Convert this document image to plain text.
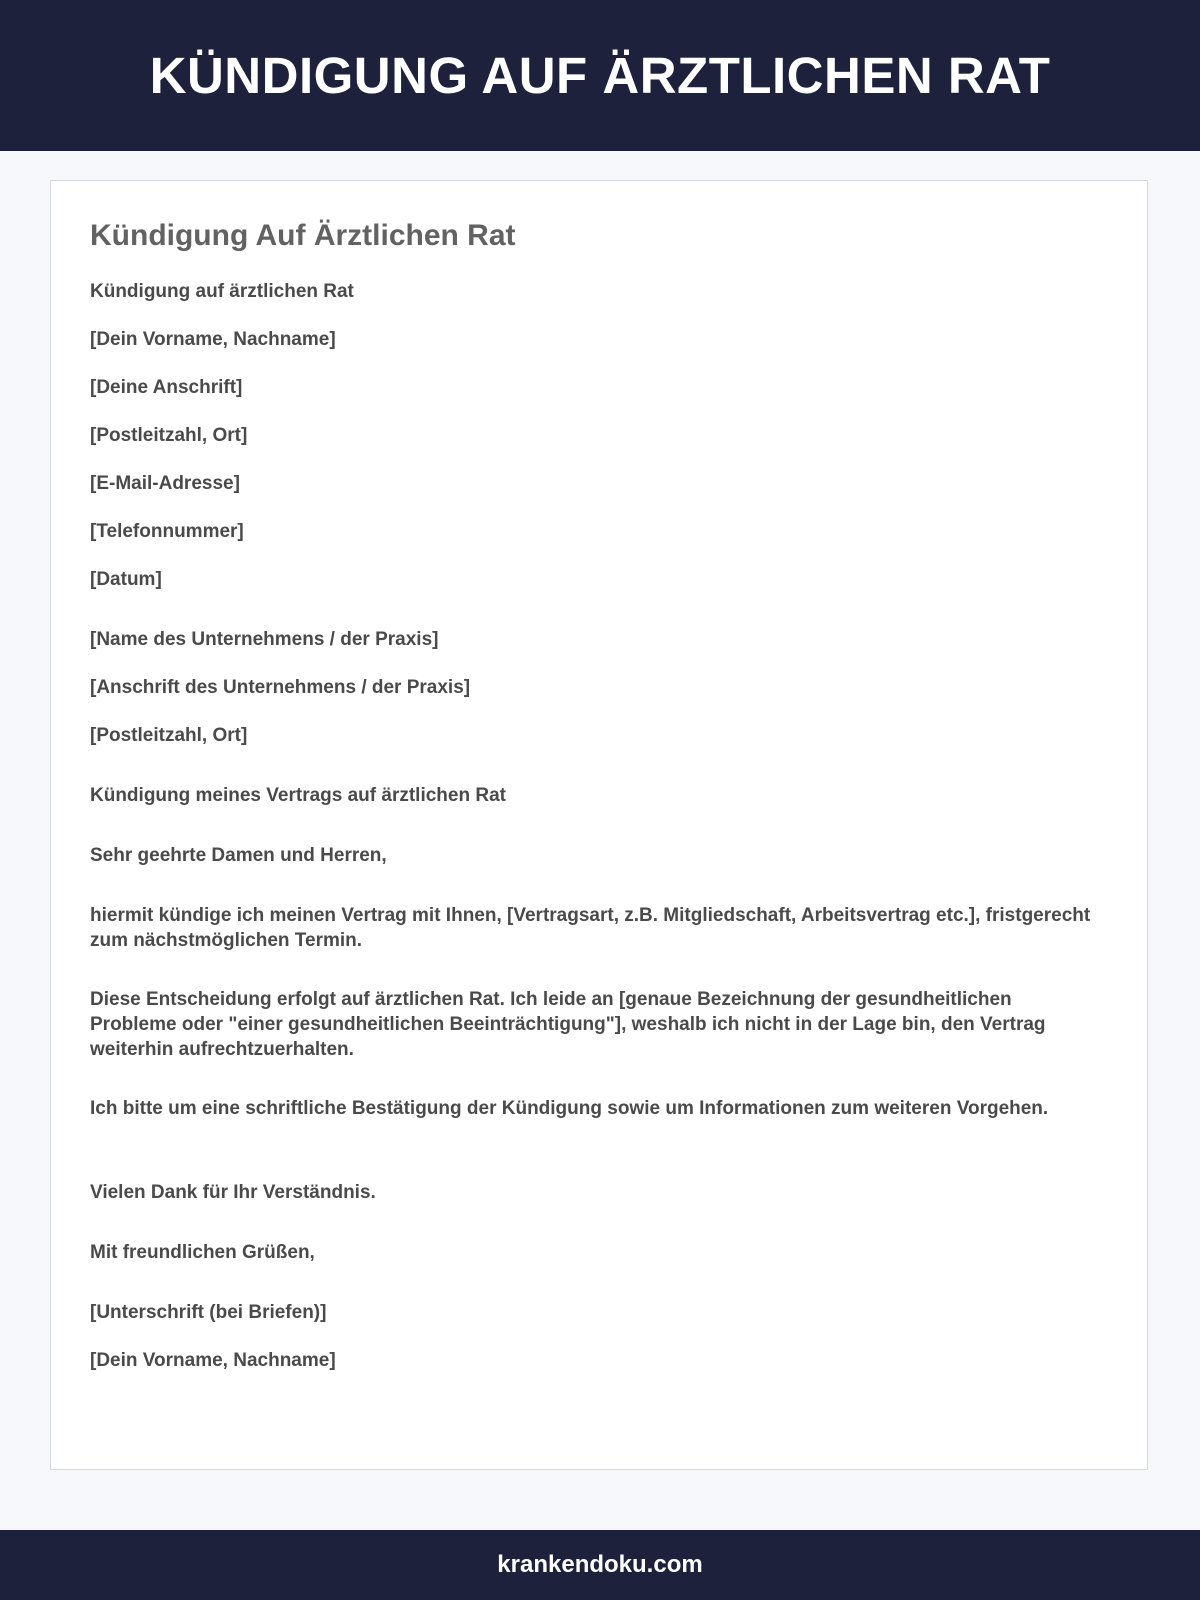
KÜNDIGUNG AUF ÄRZTLICHEN RAT
Kündigung Auf Ärztlichen Rat

Kündigung auf ärztlichen Rat

[Dein Vorname, Nachname]

[Deine Anschrift]

[Postleitzahl, Ort]

[E-Mail-Adresse]

[Telefonnummer]

[Datum]

[Name des Unternehmens / der Praxis]

[Anschrift des Unternehmens / der Praxis]

[Postleitzahl, Ort]

Kündigung meines Vertrags auf ärztlichen Rat

Sehr geehrte Damen und Herren,

hiermit kündige ich meinen Vertrag mit Ihnen, [Vertragsart, z.B. Mitgliedschaft, Arbeitsvertrag etc.], fristgerecht zum nächstmöglichen Termin.

Diese Entscheidung erfolgt auf ärztlichen Rat. Ich leide an [genaue Bezeichnung der gesundheitlichen Probleme oder "einer gesundheitlichen Beeinträchtigung"], weshalb ich nicht in der Lage bin, den Vertrag weiterhin aufrechtzuerhalten.

Ich bitte um eine schriftliche Bestätigung der Kündigung sowie um Informationen zum weiteren Vorgehen.

Vielen Dank für Ihr Verständnis.

Mit freundlichen Grüßen,

[Unterschrift (bei Briefen)]

[Dein Vorname, Nachname]

krankendoku.com
